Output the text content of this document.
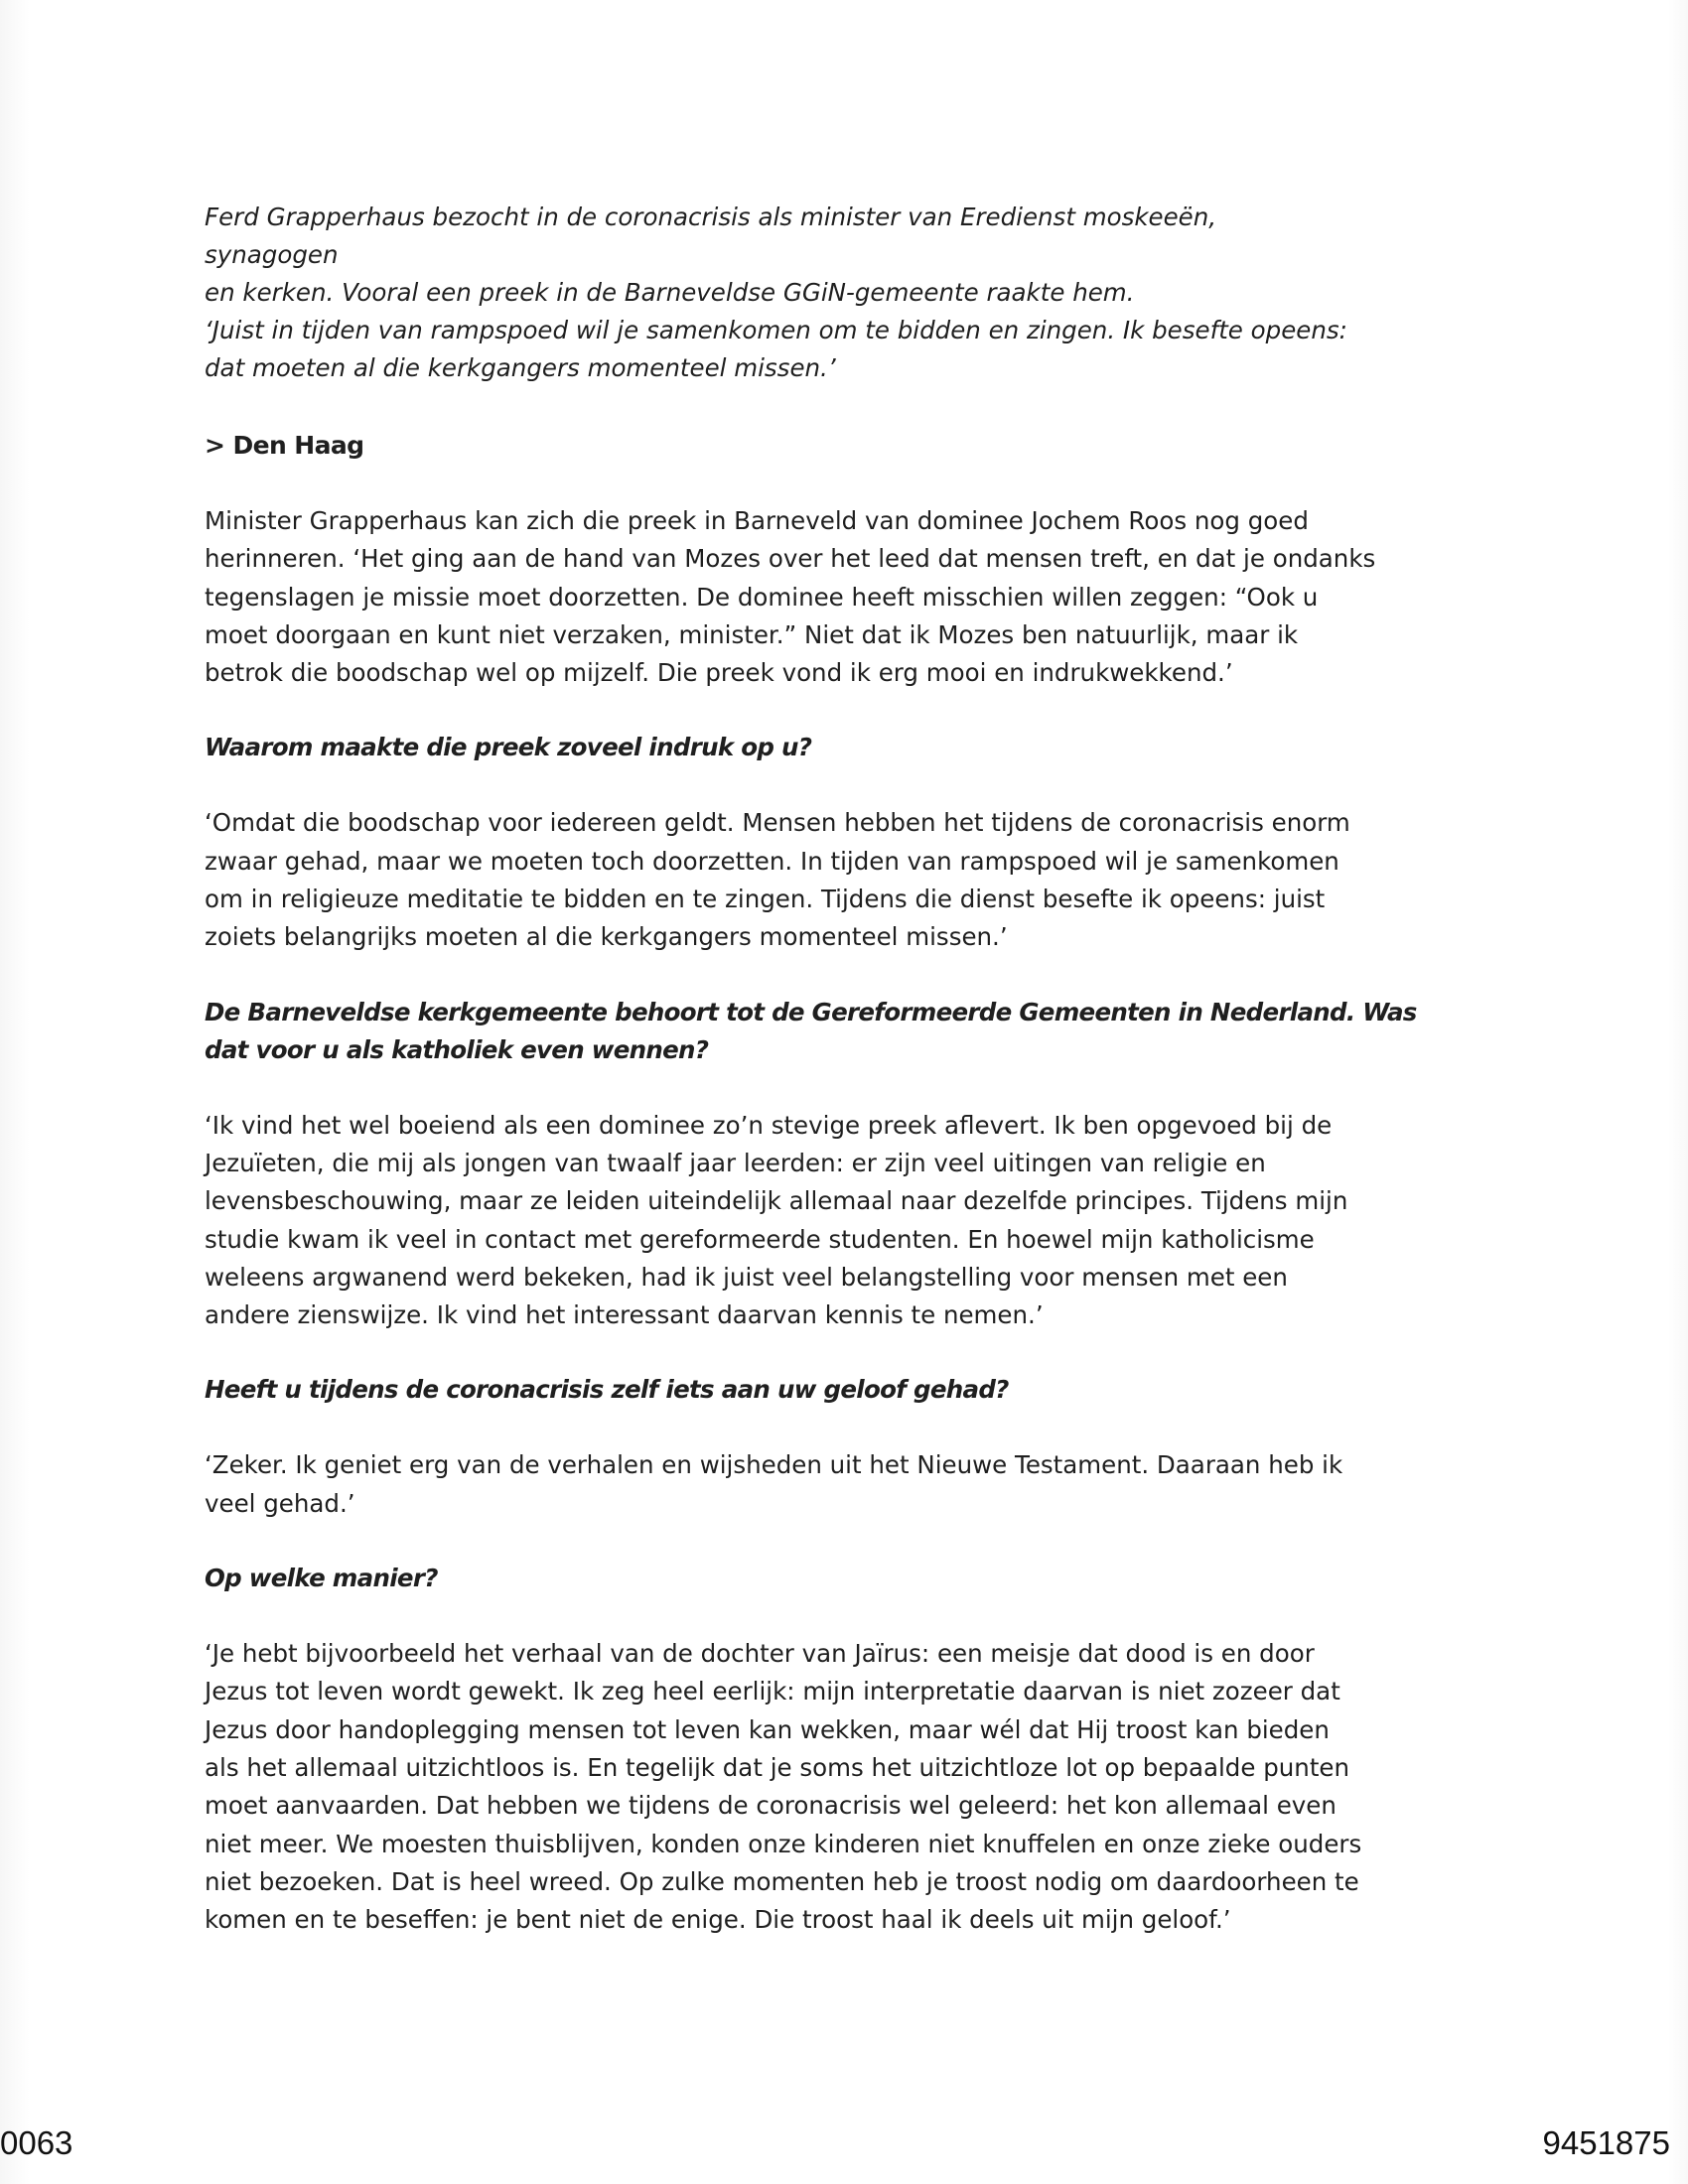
Ferd Grapperhaus bezocht in de coronacrisis als minister van Eredienst moskeeën, synagogen
en kerken. Vooral een preek in de Barneveldse GGiN-gemeente raakte hem.
‘Juist in tijden van rampspoed wil je samenkomen om te bidden en zingen. Ik besefte opeens:
dat moeten al die kerkgangers momenteel missen.’
> Den Haag
Minister Grapperhaus kan zich die preek in Barneveld van dominee Jochem Roos nog goed
herinneren. ‘Het ging aan de hand van Mozes over het leed dat mensen treft, en dat je ondanks
tegenslagen je missie moet doorzetten. De dominee heeft misschien willen zeggen: “Ook u
moet doorgaan en kunt niet verzaken, minister.” Niet dat ik Mozes ben natuurlijk, maar ik
betrok die boodschap wel op mijzelf. Die preek vond ik erg mooi en indrukwekkend.’
Waarom maakte die preek zoveel indruk op u?
‘Omdat die boodschap voor iedereen geldt. Mensen hebben het tijdens de coronacrisis enorm
zwaar gehad, maar we moeten toch doorzetten. In tijden van rampspoed wil je samenkomen
om in religieuze meditatie te bidden en te zingen. Tijdens die dienst besefte ik opeens: juist
zoiets belangrijks moeten al die kerkgangers momenteel missen.’
De Barneveldse kerkgemeente behoort tot de Gereformeerde Gemeenten in Nederland. Was
dat voor u als katholiek even wennen?
‘Ik vind het wel boeiend als een dominee zo’n stevige preek aflevert. Ik ben opgevoed bij de
Jezuïeten, die mij als jongen van twaalf jaar leerden: er zijn veel uitingen van religie en
levensbeschouwing, maar ze leiden uiteindelijk allemaal naar dezelfde principes. Tijdens mijn
studie kwam ik veel in contact met gereformeerde studenten. En hoewel mijn katholicisme
weleens argwanend werd bekeken, had ik juist veel belangstelling voor mensen met een
andere zienswijze. Ik vind het interessant daarvan kennis te nemen.’
Heeft u tijdens de coronacrisis zelf iets aan uw geloof gehad?
‘Zeker. Ik geniet erg van de verhalen en wijsheden uit het Nieuwe Testament. Daaraan heb ik
veel gehad.’
Op welke manier?
‘Je hebt bijvoorbeeld het verhaal van de dochter van Jaïrus: een meisje dat dood is en door
Jezus tot leven wordt gewekt. Ik zeg heel eerlijk: mijn interpretatie daarvan is niet zozeer dat
Jezus door handoplegging mensen tot leven kan wekken, maar wél dat Hij troost kan bieden
als het allemaal uitzichtloos is. En tegelijk dat je soms het uitzichtloze lot op bepaalde punten
moet aanvaarden. Dat hebben we tijdens de coronacrisis wel geleerd: het kon allemaal even
niet meer. We moesten thuisblijven, konden onze kinderen niet knuffelen en onze zieke ouders
niet bezoeken. Dat is heel wreed. Op zulke momenten heb je troost nodig om daardoorheen te
komen en te beseffen: je bent niet de enige. Die troost haal ik deels uit mijn geloof.’
0063	9451875
